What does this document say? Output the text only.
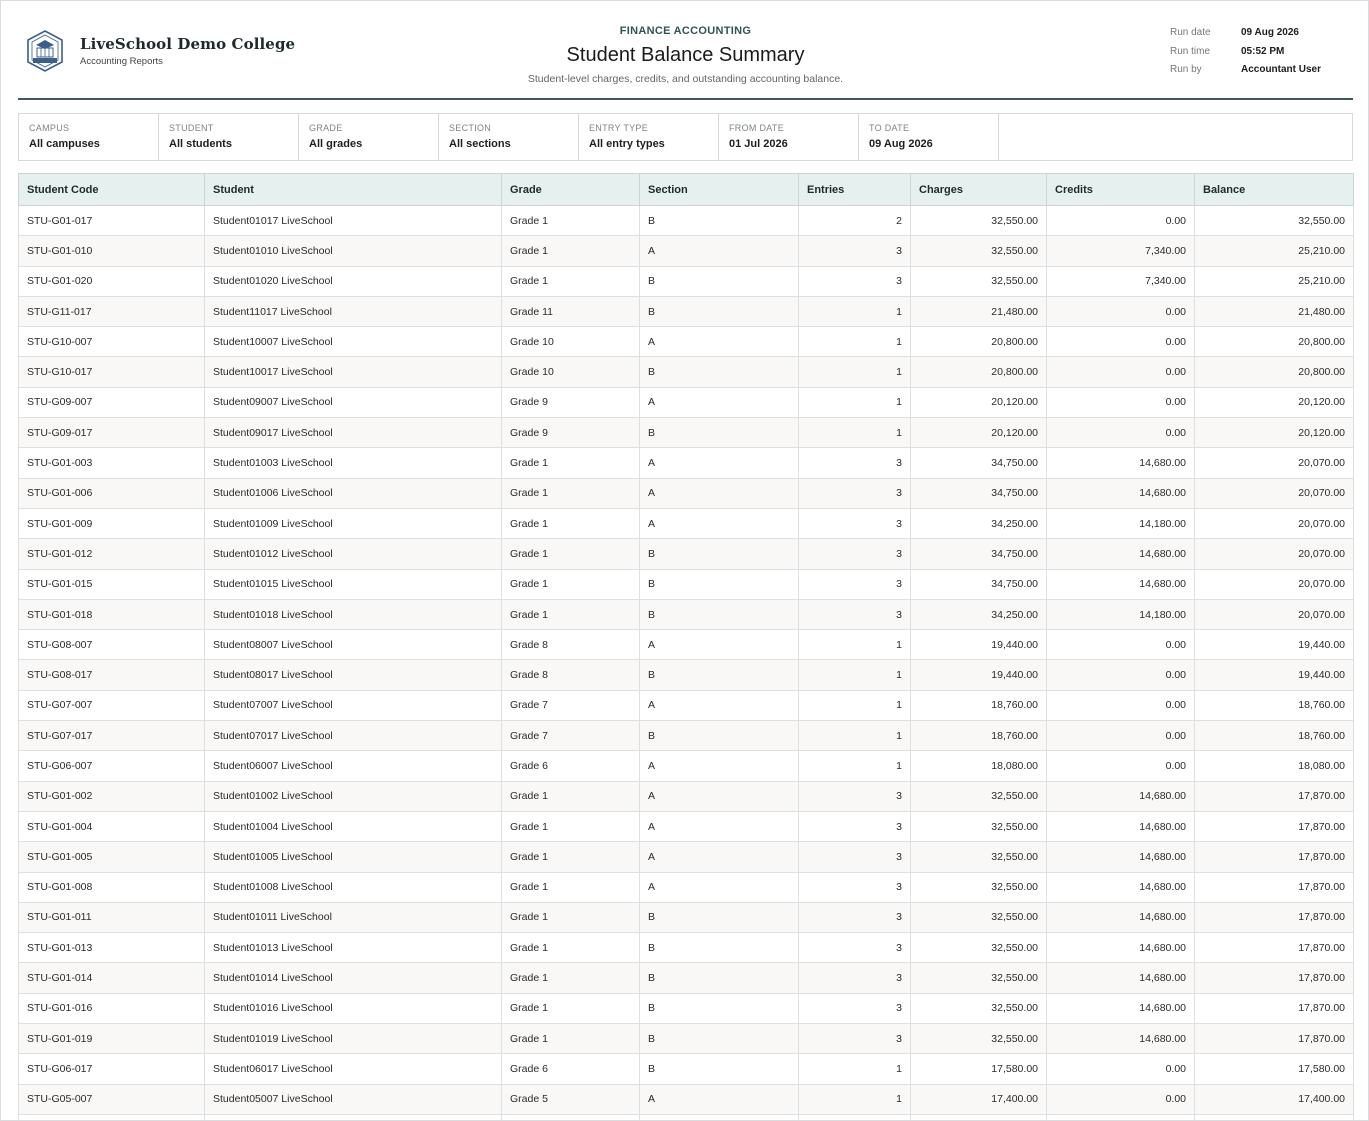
LiveSchool Demo College
Accounting Reports
FINANCE ACCOUNTING
Student Balance Summary
Student-level charges, credits, and outstanding accounting balance.
Run date	09 Aug 2026
Run time	05:52 PM
Run by	Accountant User
CAMPUS
All campuses
STUDENT
All students
GRADE
All grades
SECTION
All sections
ENTRY TYPE
All entry types
FROM DATE
01 Jul 2026
TO DATE
09 Aug 2026
Student Code	Student	Grade	Section	Entries	Charges	Credits	Balance
STU-G01-017	Student01017 LiveSchool	Grade 1	B	2	32,550.00	0.00	32,550.00
STU-G01-010	Student01010 LiveSchool	Grade 1	A	3	32,550.00	7,340.00	25,210.00
STU-G01-020	Student01020 LiveSchool	Grade 1	B	3	32,550.00	7,340.00	25,210.00
STU-G11-017	Student11017 LiveSchool	Grade 11	B	1	21,480.00	0.00	21,480.00
STU-G10-007	Student10007 LiveSchool	Grade 10	A	1	20,800.00	0.00	20,800.00
STU-G10-017	Student10017 LiveSchool	Grade 10	B	1	20,800.00	0.00	20,800.00
STU-G09-007	Student09007 LiveSchool	Grade 9	A	1	20,120.00	0.00	20,120.00
STU-G09-017	Student09017 LiveSchool	Grade 9	B	1	20,120.00	0.00	20,120.00
STU-G01-003	Student01003 LiveSchool	Grade 1	A	3	34,750.00	14,680.00	20,070.00
STU-G01-006	Student01006 LiveSchool	Grade 1	A	3	34,750.00	14,680.00	20,070.00
STU-G01-009	Student01009 LiveSchool	Grade 1	A	3	34,250.00	14,180.00	20,070.00
STU-G01-012	Student01012 LiveSchool	Grade 1	B	3	34,750.00	14,680.00	20,070.00
STU-G01-015	Student01015 LiveSchool	Grade 1	B	3	34,750.00	14,680.00	20,070.00
STU-G01-018	Student01018 LiveSchool	Grade 1	B	3	34,250.00	14,180.00	20,070.00
STU-G08-007	Student08007 LiveSchool	Grade 8	A	1	19,440.00	0.00	19,440.00
STU-G08-017	Student08017 LiveSchool	Grade 8	B	1	19,440.00	0.00	19,440.00
STU-G07-007	Student07007 LiveSchool	Grade 7	A	1	18,760.00	0.00	18,760.00
STU-G07-017	Student07017 LiveSchool	Grade 7	B	1	18,760.00	0.00	18,760.00
STU-G06-007	Student06007 LiveSchool	Grade 6	A	1	18,080.00	0.00	18,080.00
STU-G01-002	Student01002 LiveSchool	Grade 1	A	3	32,550.00	14,680.00	17,870.00
STU-G01-004	Student01004 LiveSchool	Grade 1	A	3	32,550.00	14,680.00	17,870.00
STU-G01-005	Student01005 LiveSchool	Grade 1	A	3	32,550.00	14,680.00	17,870.00
STU-G01-008	Student01008 LiveSchool	Grade 1	A	3	32,550.00	14,680.00	17,870.00
STU-G01-011	Student01011 LiveSchool	Grade 1	B	3	32,550.00	14,680.00	17,870.00
STU-G01-013	Student01013 LiveSchool	Grade 1	B	3	32,550.00	14,680.00	17,870.00
STU-G01-014	Student01014 LiveSchool	Grade 1	B	3	32,550.00	14,680.00	17,870.00
STU-G01-016	Student01016 LiveSchool	Grade 1	B	3	32,550.00	14,680.00	17,870.00
STU-G01-019	Student01019 LiveSchool	Grade 1	B	3	32,550.00	14,680.00	17,870.00
STU-G06-017	Student06017 LiveSchool	Grade 6	B	1	17,580.00	0.00	17,580.00
STU-G05-007	Student05007 LiveSchool	Grade 5	A	1	17,400.00	0.00	17,400.00
